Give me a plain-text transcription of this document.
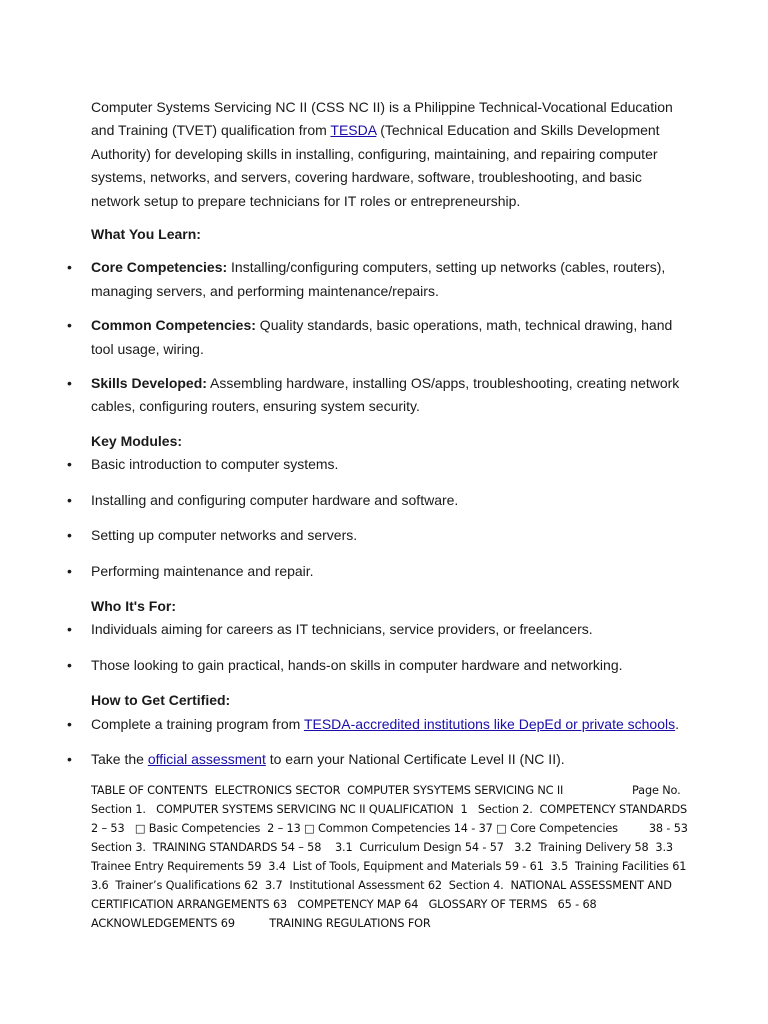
Computer Systems Servicing NC II (CSS NC II) is a Philippine Technical-Vocational Education and Training (TVET) qualification from TESDA (Technical Education and Skills Development Authority) for developing skills in installing, configuring, maintaining, and repairing computer systems, networks, and servers, covering hardware, software, troubleshooting, and basic network setup to prepare technicians for IT roles or entrepreneurship.

What You Learn:

• Core Competencies: Installing/configuring computers, setting up networks (cables, routers), managing servers, and performing maintenance/repairs.
• Common Competencies: Quality standards, basic operations, math, technical drawing, hand tool usage, wiring.
• Skills Developed: Assembling hardware, installing OS/apps, troubleshooting, creating network cables, configuring routers, ensuring system security.

Key Modules:

• Basic introduction to computer systems.
• Installing and configuring computer hardware and software.
• Setting up computer networks and servers.
• Performing maintenance and repair.

Who It's For:

• Individuals aiming for careers as IT technicians, service providers, or freelancers.
• Those looking to gain practical, hands-on skills in computer hardware and networking.

How to Get Certified:

• Complete a training program from TESDA-accredited institutions like DepEd or private schools.
• Take the official assessment to earn your National Certificate Level II (NC II).
TABLE OF CONTENTS  ELECTRONICS SECTOR  COMPUTER SYSYTEMS SERVICING NC II                    Page No.  Section 1.   COMPUTER SYSTEMS SERVICING NC II QUALIFICATION  1   Section 2.  COMPETENCY STANDARDS 2 – 53   □ Basic Competencies  2 – 13 □ Common Competencies 14 - 37 □ Core Competencies         38 - 53    Section 3.  TRAINING STANDARDS 54 – 58    3.1  Curriculum Design 54 - 57   3.2  Training Delivery 58  3.3  Trainee Entry Requirements 59  3.4  List of Tools, Equipment and Materials 59 - 61  3.5  Training Facilities 61  3.6  Trainer’s Qualifications 62  3.7  Institutional Assessment 62  Section 4.  NATIONAL ASSESSMENT AND CERTIFICATION ARRANGEMENTS 63   COMPETENCY MAP 64   GLOSSARY OF TERMS   65 - 68        ACKNOWLEDGEMENTS 69          TRAINING REGULATIONS FOR
